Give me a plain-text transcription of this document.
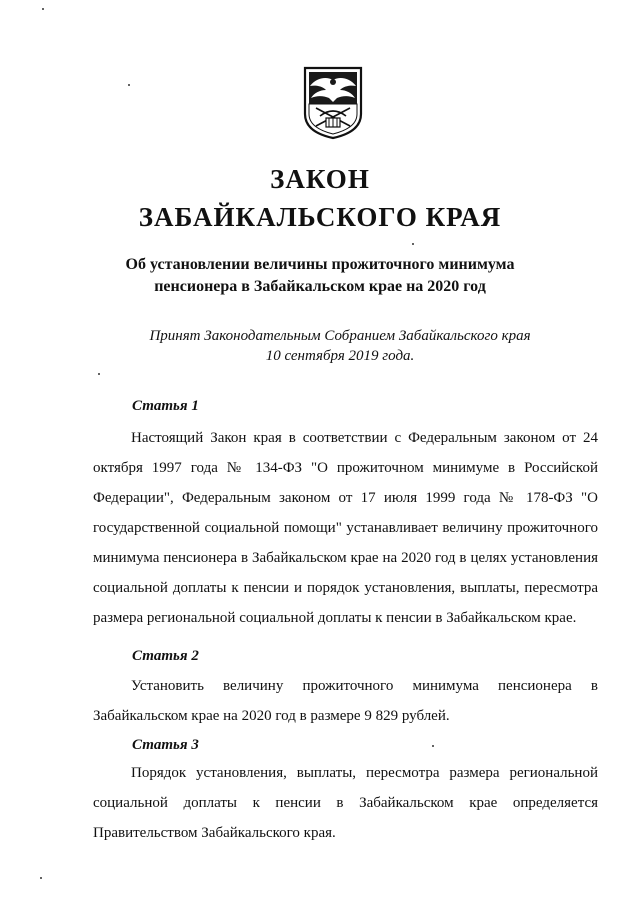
ЗАКОН
ЗАБАЙКАЛЬСКОГО КРАЯ
Об установлении величины прожиточного минимума
пенсионера в Забайкальском крае на 2020 год
Принят Законодательным Собранием Забайкальского края
10 сентября 2019 года.
Статья 1

Настоящий Закон края в соответствии с Федеральным законом от 24 октября 1997 года № 134-ФЗ "О прожиточном минимуме в Российской Федерации", Федеральным законом от 17 июля 1999 года № 178-ФЗ "О государственной социальной помощи" устанавливает величину прожиточного минимума пенсионера в Забайкальском крае на 2020 год в целях установления социальной доплаты к пенсии и порядок установления, выплаты, пересмотра размера региональной социальной доплаты к пенсии в Забайкальском крае.

Статья 2

Установить величину прожиточного минимума пенсионера в Забайкальском крае на 2020 год в размере 9 829 рублей.

Статья 3

Порядок установления, выплаты, пересмотра размера региональной социальной доплаты к пенсии в Забайкальском крае определяется Правительством Забайкальского края.
